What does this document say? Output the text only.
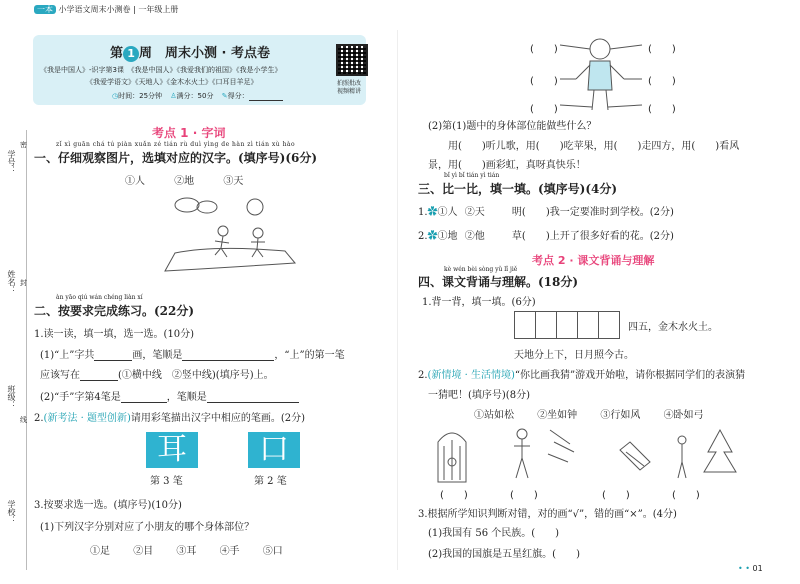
一本 小学语文周末小测卷 | 一年级上册
学号：
姓名：
班级：
学校：
密
封
线
第 1 周　周末小测 · 考点卷
《我是中国人》-识字第3课　《我是中国人》《我爱我们的祖国》《我是小学生》
《我爱学语文》《天地人》《金木水火土》《口耳目羊足》
◷时间：25分钟 ♙满分：50分 ✎得分：
拍照批改
视频精讲
考点 1 · 字词
zǐ xì guān chá tú piàn xuǎn zé tián rù duì yìng de hàn zì tián xù hào
一、仔细观察图片，选填对应的汉字。(填序号)(6分)
①人	②地	③天
àn yāo qiú wán chéng liàn xí
二、按要求完成练习。(22分)
1.读一读，填一填，选一选。(10分)
(1)“上”字共	画，笔顺是	，“上”的第一笔
应该写在	(①横中线　②竖中线)(填序号)上。
(2)“手”字第4笔是	，笔顺是
2.(新考法 · 题型创新)请用彩笔描出汉字中相应的笔画。(2分)
耳	口
第 3 笔	第 2 笔
3.按要求选一选。(填序号)(10分)
(1)下列汉字分别对应了小朋友的哪个身体部位？
①足 ②目 ③耳 ④手 ⑤口
(　　)	(　　)
(　　)	(　　)
(　　)	(　　)
(2)第(1)题中的身体部位能做些什么？
用(　　)听儿歌，用(　　)吃苹果，用(　　)走四方，用(　　)看风
景，用(　　)画彩虹，真呀真快乐！
bǐ yì bǐ tián yì tián
三、比一比，填一填。(填序号)(4分)
1.✿①人 ②天	明(　　)我一定要准时到学校。(2分)
2.✿①地 ②他	草(　　)上开了很多好看的花。(2分)
考点 2 · 课文背诵与理解
kè wén bèi sòng yǔ lǐ jiě
四、课文背诵与理解。(18分)
1.背一背，填一填。(6分)
四五，金木水火土。
天地分上下，日月照今古。
2.(新情境 · 生活情境)“你比画我猜”游戏开始啦，请你根据同学们的表演猜
一猜吧！(填序号)(8分)
①站如松 ②坐如钟 ③行如风 ④卧如弓
(　　)	(　　)	(　　)	(　　)
3.根据所学知识判断对错，对的画“√”，错的画“×”。(4分)
(1)我国有 56 个民族。(　　)
(2)我国的国旗是五星红旗。(　　)
• • 01
